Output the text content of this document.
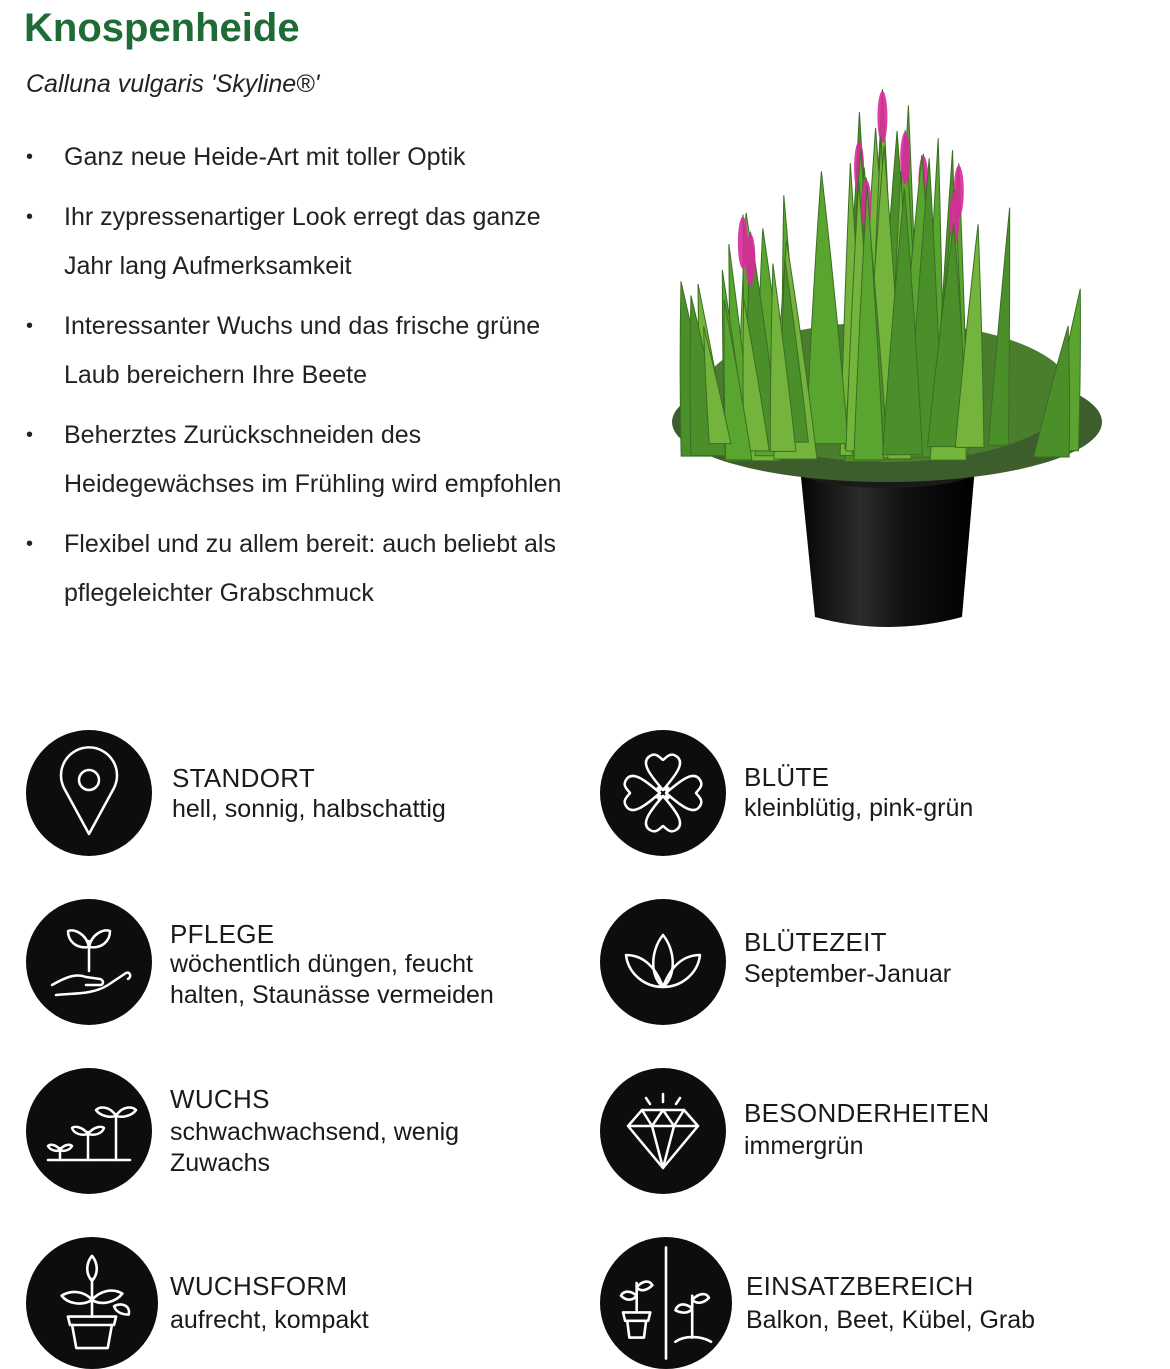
Knospenheide
Calluna vulgaris 'Skyline®'
• Ganz neue Heide-Art mit toller Optik
• Ihr zypressenartiger Look erregt das ganze Jahr lang Aufmerksamkeit
• Interessanter Wuchs und das frische grüne Laub bereichern Ihre Beete
• Beherztes Zurückschneiden des Heidegewächses im Frühling wird empfohlen
• Flexibel und zu allem bereit: auch beliebt als pflegeleichter Grabschmuck
STANDORT
hell, sonnig, halbschattig
BLÜTE
kleinblütig, pink-grün
PFLEGE
wöchentlich düngen, feucht halten, Staunässe vermeiden
BLÜTEZEIT
September-Januar
WUCHS
schwachwachsend, wenig Zuwachs
BESONDERHEITEN
immergrün
WUCHSFORM
aufrecht, kompakt
EINSATZBEREICH
Balkon, Beet, Kübel, Grab
